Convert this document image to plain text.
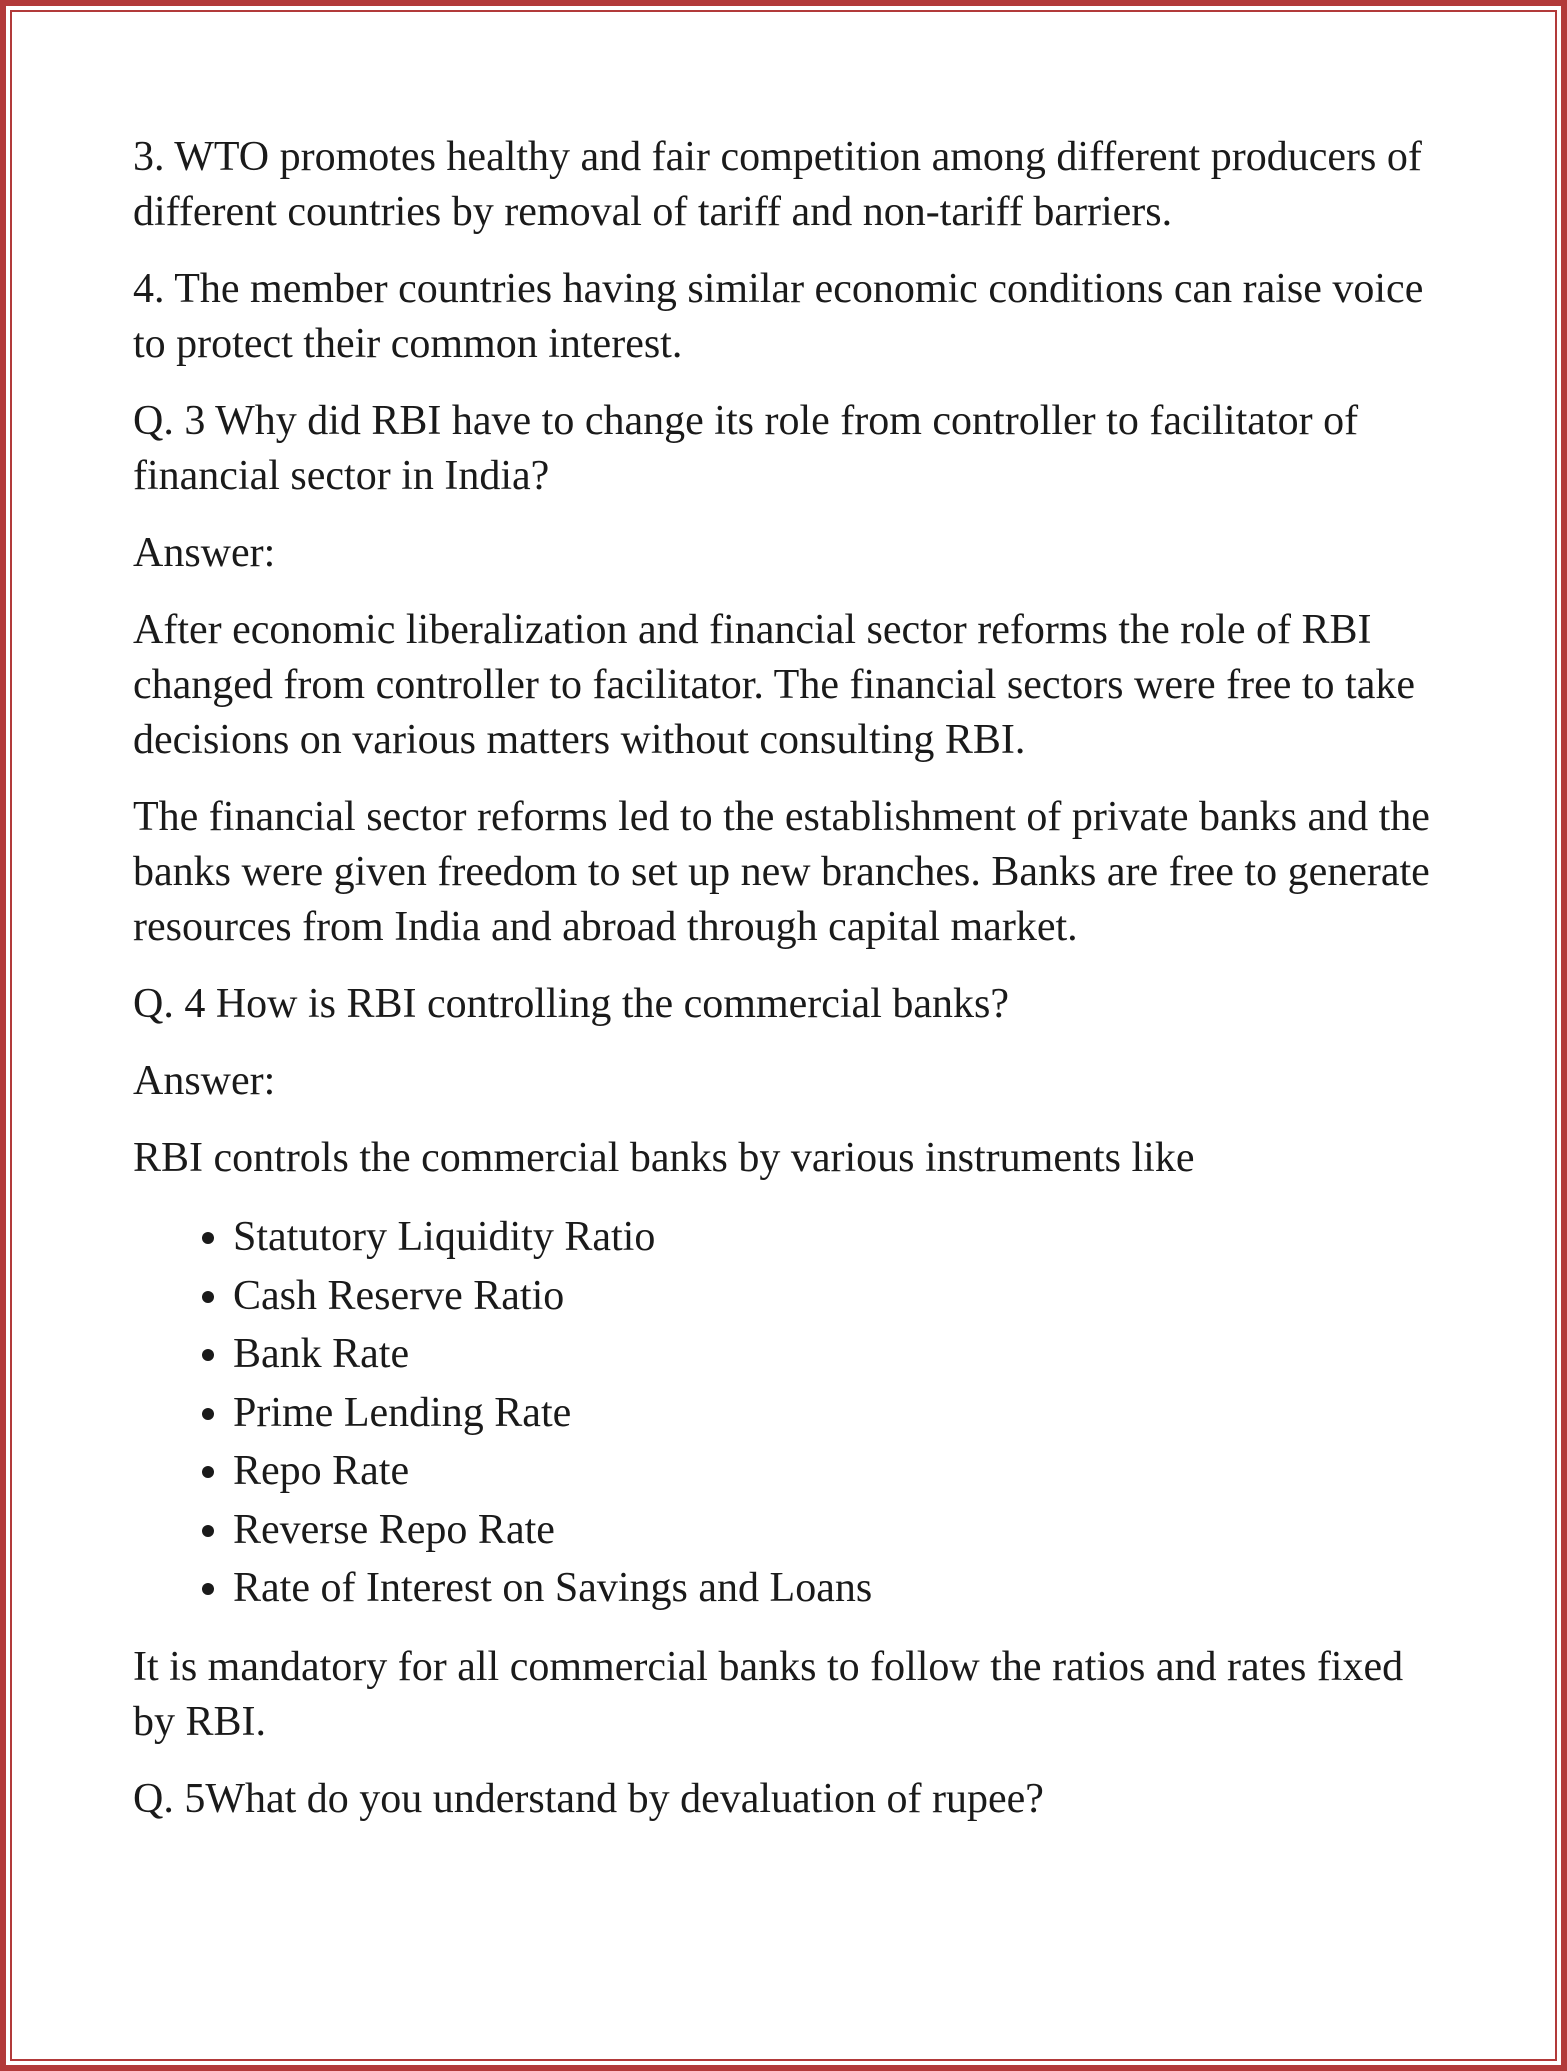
3. WTO promotes healthy and fair competition among different producers of different countries by removal of tariff and non-tariff barriers.

4. The member countries having similar economic conditions can raise voice to protect their common interest.

Q. 3 Why did RBI have to change its role from controller to facilitator of financial sector in India?

Answer:

After economic liberalization and financial sector reforms the role of RBI changed from controller to facilitator. The financial sectors were free to take decisions on various matters without consulting RBI.

The financial sector reforms led to the establishment of private banks and the banks were given freedom to set up new branches. Banks are free to generate resources from India and abroad through capital market.

Q. 4 How is RBI controlling the commercial banks?

Answer:

RBI controls the commercial banks by various instruments like

• Statutory Liquidity Ratio
• Cash Reserve Ratio
• Bank Rate
• Prime Lending Rate
• Repo Rate
• Reverse Repo Rate
• Rate of Interest on Savings and Loans

It is mandatory for all commercial banks to follow the ratios and rates fixed by RBI.

Q. 5What do you understand by devaluation of rupee?
